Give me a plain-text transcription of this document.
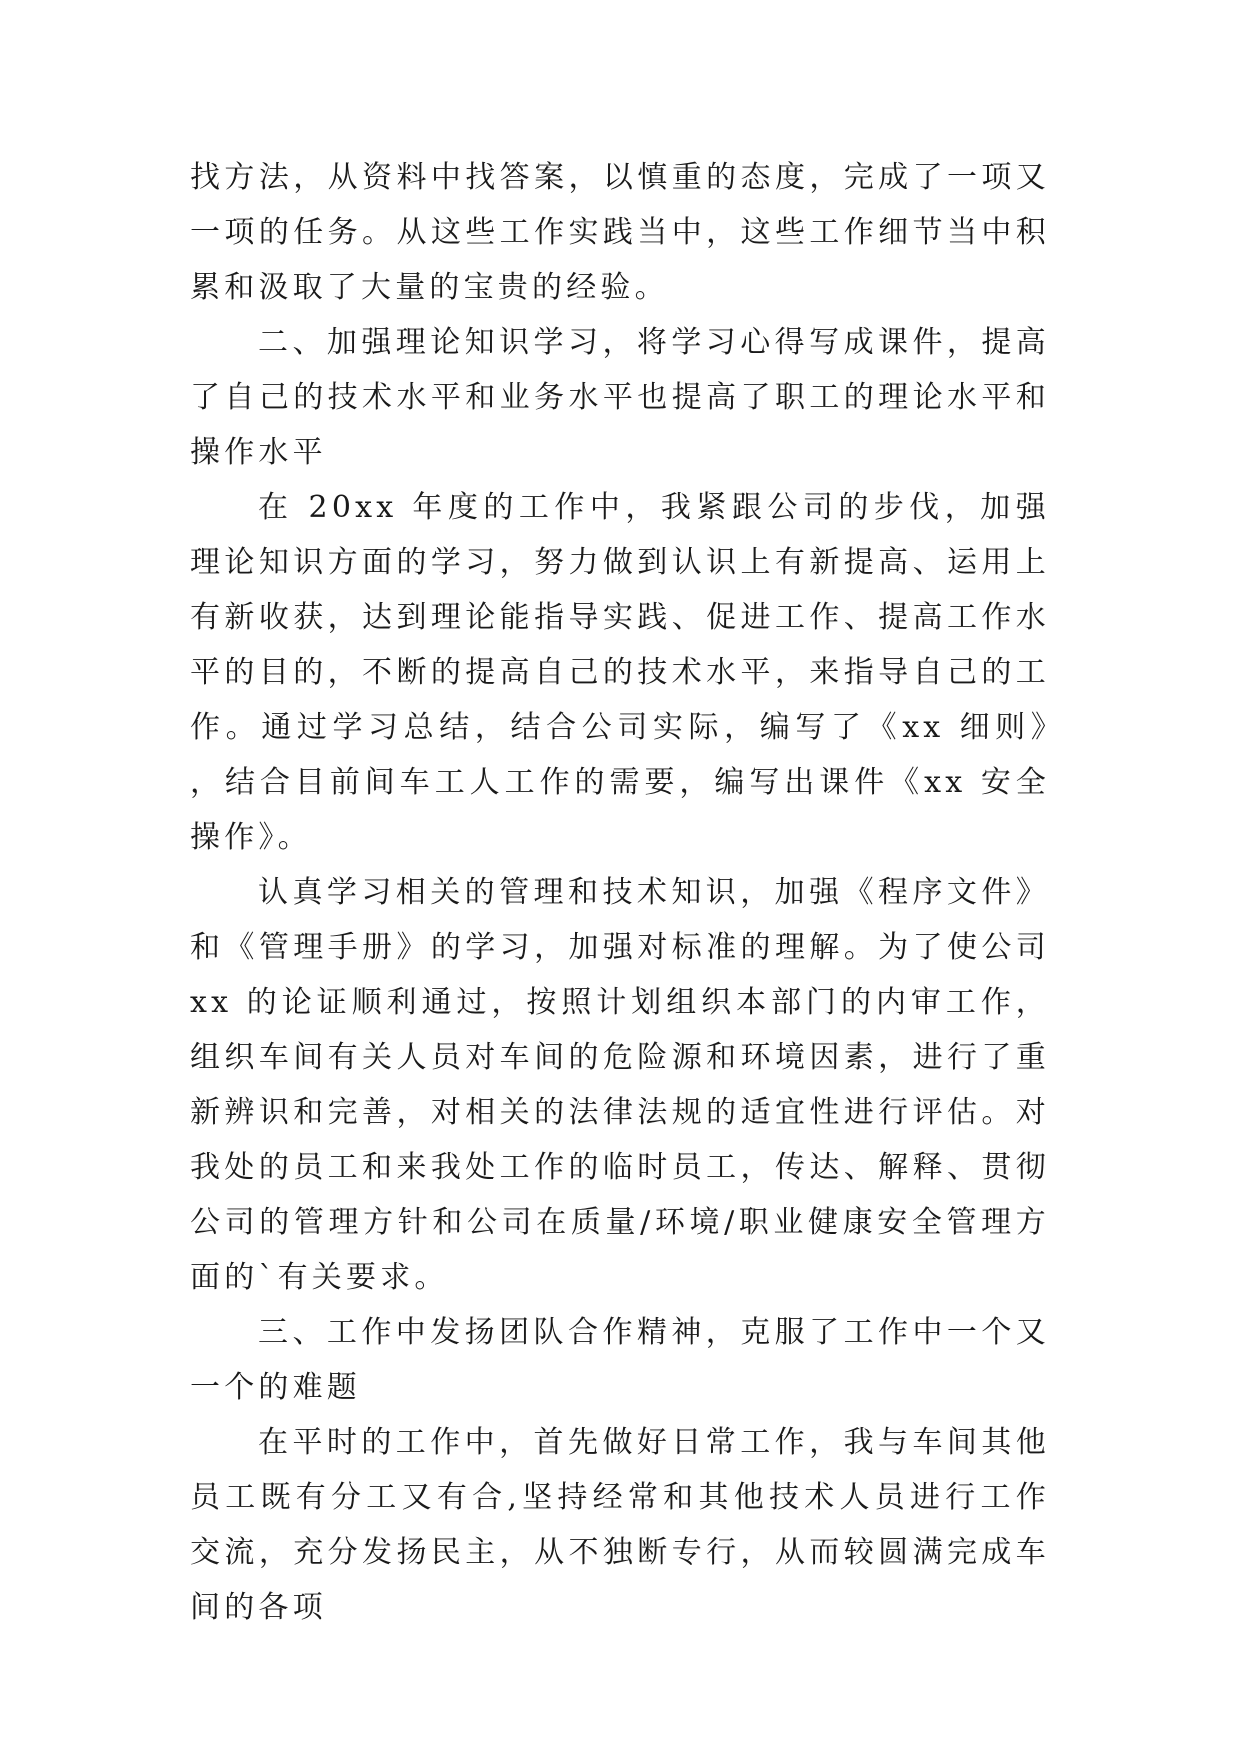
找方法，从资料中找答案，以慎重的态度，完成了一项又一项的任务。从这些工作实践当中，这些工作细节当中积累和汲取了大量的宝贵的经验。

二、加强理论知识学习，将学习心得写成课件，提高了自己的技术水平和业务水平也提高了职工的理论水平和操作水平

在 20xx 年度的工作中，我紧跟公司的步伐，加强理论知识方面的学习，努力做到认识上有新提高、运用上有新收获，达到理论能指导实践、促进工作、提高工作水平的目的，不断的提高自己的技术水平，来指导自己的工作。通过学习总结，结合公司实际，编写了《xx 细则》，结合目前间车工人工作的需要，编写出课件《xx 安全操作》。

认真学习相关的管理和技术知识，加强《程序文件》和《管理手册》的学习，加强对标准的理解。为了使公司 xx 的论证顺利通过，按照计划组织本部门的内审工作，组织车间有关人员对车间的危险源和环境因素，进行了重新辨识和完善，对相关的法律法规的适宜性进行评估。对我处的员工和来我处工作的临时员工，传达、解释、贯彻公司的管理方针和公司在质量/环境/职业健康安全管理方面的`有关要求。

三、工作中发扬团队合作精神，克服了工作中一个又一个的难题

在平时的工作中，首先做好日常工作，我与车间其他员工既有分工又有合,坚持经常和其他技术人员进行工作交流，充分发扬民主，从不独断专行，从而较圆满完成车间的各项
